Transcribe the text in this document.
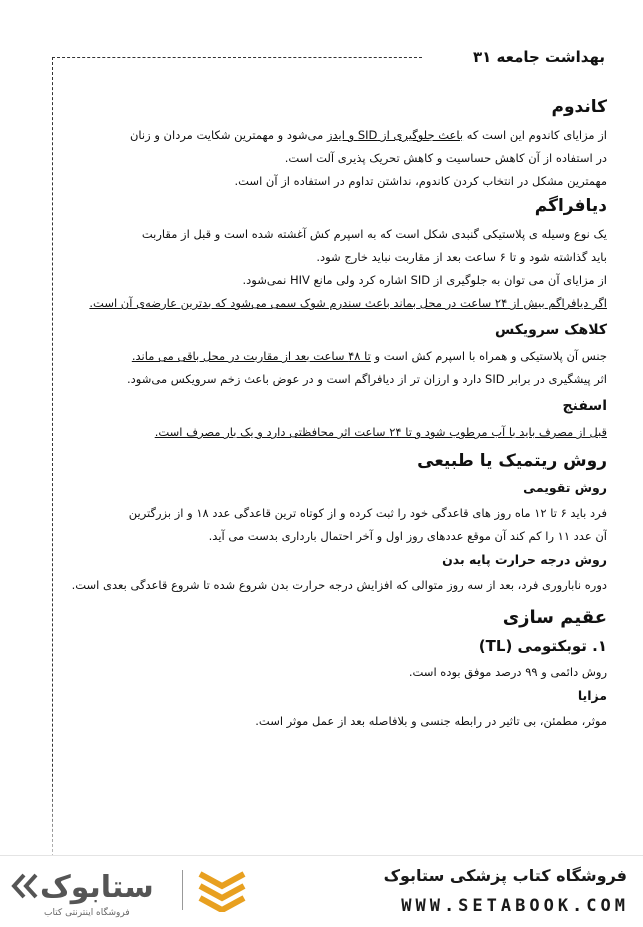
بهداشت جامعه ۳۱
کاندوم

از مزایای کاندوم این است که باعث جلوگیری از SID و ایدز می‌شود و مهمترین شکایت مردان و زنان

در استفاده از آن کاهش حساسیت و کاهش تحریک پذیری آلت است.

مهمترین مشکل در انتخاب کردن کاندوم، نداشتن تداوم در استفاده از آن است.

دیافراگم

یک نوع وسیله ی پلاستیکی گنبدی شکل است که به اسپرم کش آغشته شده است و قبل از مقاربت

باید گذاشته شود و تا ۶ ساعت بعد از مقاربت نباید خارج شود.

از مزایای آن می توان به جلوگیری از SID اشاره کرد ولی مانع HIV نمی‌شود.

اگر دیافراگم بیش از ۲۴ ساعت در محل بماند باعث سندرم شوک سمی می‌شود که بدترین عارضه‌ی آن است.

کلاهک سرویکس

جنس آن پلاستیکی و همراه با اسپرم کش است و تا ۴۸ ساعت بعد از مقاربت در محل باقی می ماند.

اثر پیشگیری در برابر SID دارد و ارزان تر از دیافراگم است و در عوض باعث زخم سرویکس می‌شود.

اسفنج

قبل از مصرف باید با آب مرطوب شود و تا ۲۴ ساعت اثر محافظتی دارد و یک بار مصرف است.

روش ریتمیک یا طبیعی
روش تقویمی

فرد باید ۶ تا ۱۲ ماه روز های قاعدگی خود را ثبت کرده و از کوتاه ترین قاعدگی عدد ۱۸ و از بزرگترین

آن عدد ۱۱ را کم کند آن موقع عددهای روز اول و آخر احتمال بارداری بدست می آید.

روش درجه حرارت پایه بدن

دوره ناباروری فرد، بعد از سه روز متوالی که افزایش درجه حرارت بدن شروع شده تا شروع قاعدگی بعدی است.

عقیم سازی
۱. توبکتومی (TL)

روش دائمی و ۹۹ درصد موفق بوده است.

مزایا

موثر، مطمئن، بی تاثیر در رابطه جنسی و بلافاصله بعد از عمل موثر است.

ستابوک
فروشگاه اینترنتی کتاب
فروشگاه کتاب پزشکی ستابوک
WWW.SETABOOK.COM
